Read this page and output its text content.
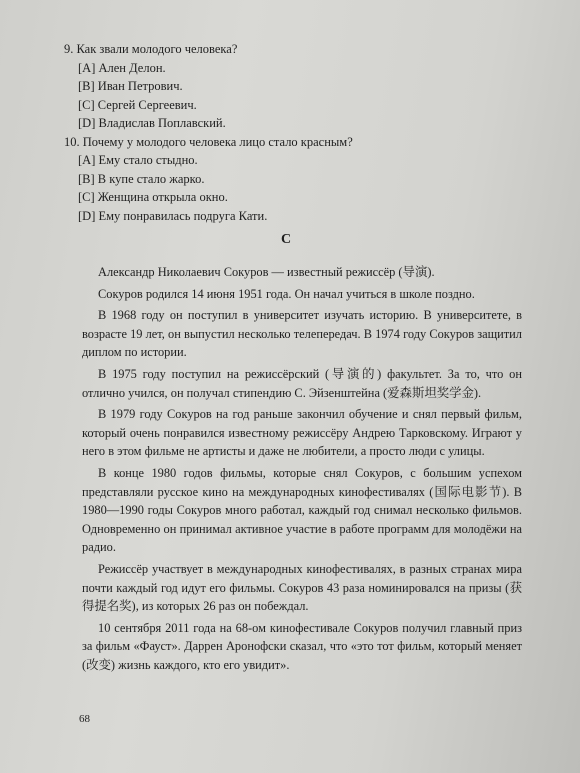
9. Как звали молодого человека?

[A] Ален Делон.

[B] Иван Петрович.

[C] Сергей Сергеевич.

[D] Владислав Поплавский.

10. Почему у молодого человека лицо стало красным?

[A] Ему стало стыдно.

[B] В купе стало жарко.

[C] Женщина открыла окно.

[D] Ему понравилась подруга Кати.

C

Александр Николаевич Сокуров — известный режиссёр (导演).

Сокуров родился 14 июня 1951 года. Он начал учиться в школе поздно.

В 1968 году он поступил в университет изучать историю. В университете, в возрасте 19 лет, он выпустил несколько телепередач. В 1974 году Сокуров защитил диплом по истории.

В 1975 году поступил на режиссёрский (导演的) факультет. За то, что он отлично учился, он получал стипендию С. Эйзенштейна (爱森斯坦奖学金).

В 1979 году Сокуров на год раньше закончил обучение и снял первый фильм, который очень понравился известному режиссёру Андрею Тарковскому. Играют у него в этом фильме не артисты и даже не любители, а просто люди с улицы.

В конце 1980 годов фильмы, которые снял Сокуров, с большим успехом представляли русское кино на международных кинофестивалях (国际电影节). В 1980—1990 годы Сокуров много работал, каждый год снимал несколько фильмов. Одновременно он принимал активное участие в работе программ для молодёжи на радио.

Режиссёр участвует в международных кинофестивалях, в разных странах мира почти каждый год идут его фильмы. Сокуров 43 раза номинировался на призы (获得提名奖), из которых 26 раз он побеждал.

10 сентября 2011 года на 68-ом кинофестивале Сокуров получил главный приз за фильм «Фауст». Даррен Аронофски сказал, что «это тот фильм, который меняет (改变) жизнь каждого, кто его увидит».

68
